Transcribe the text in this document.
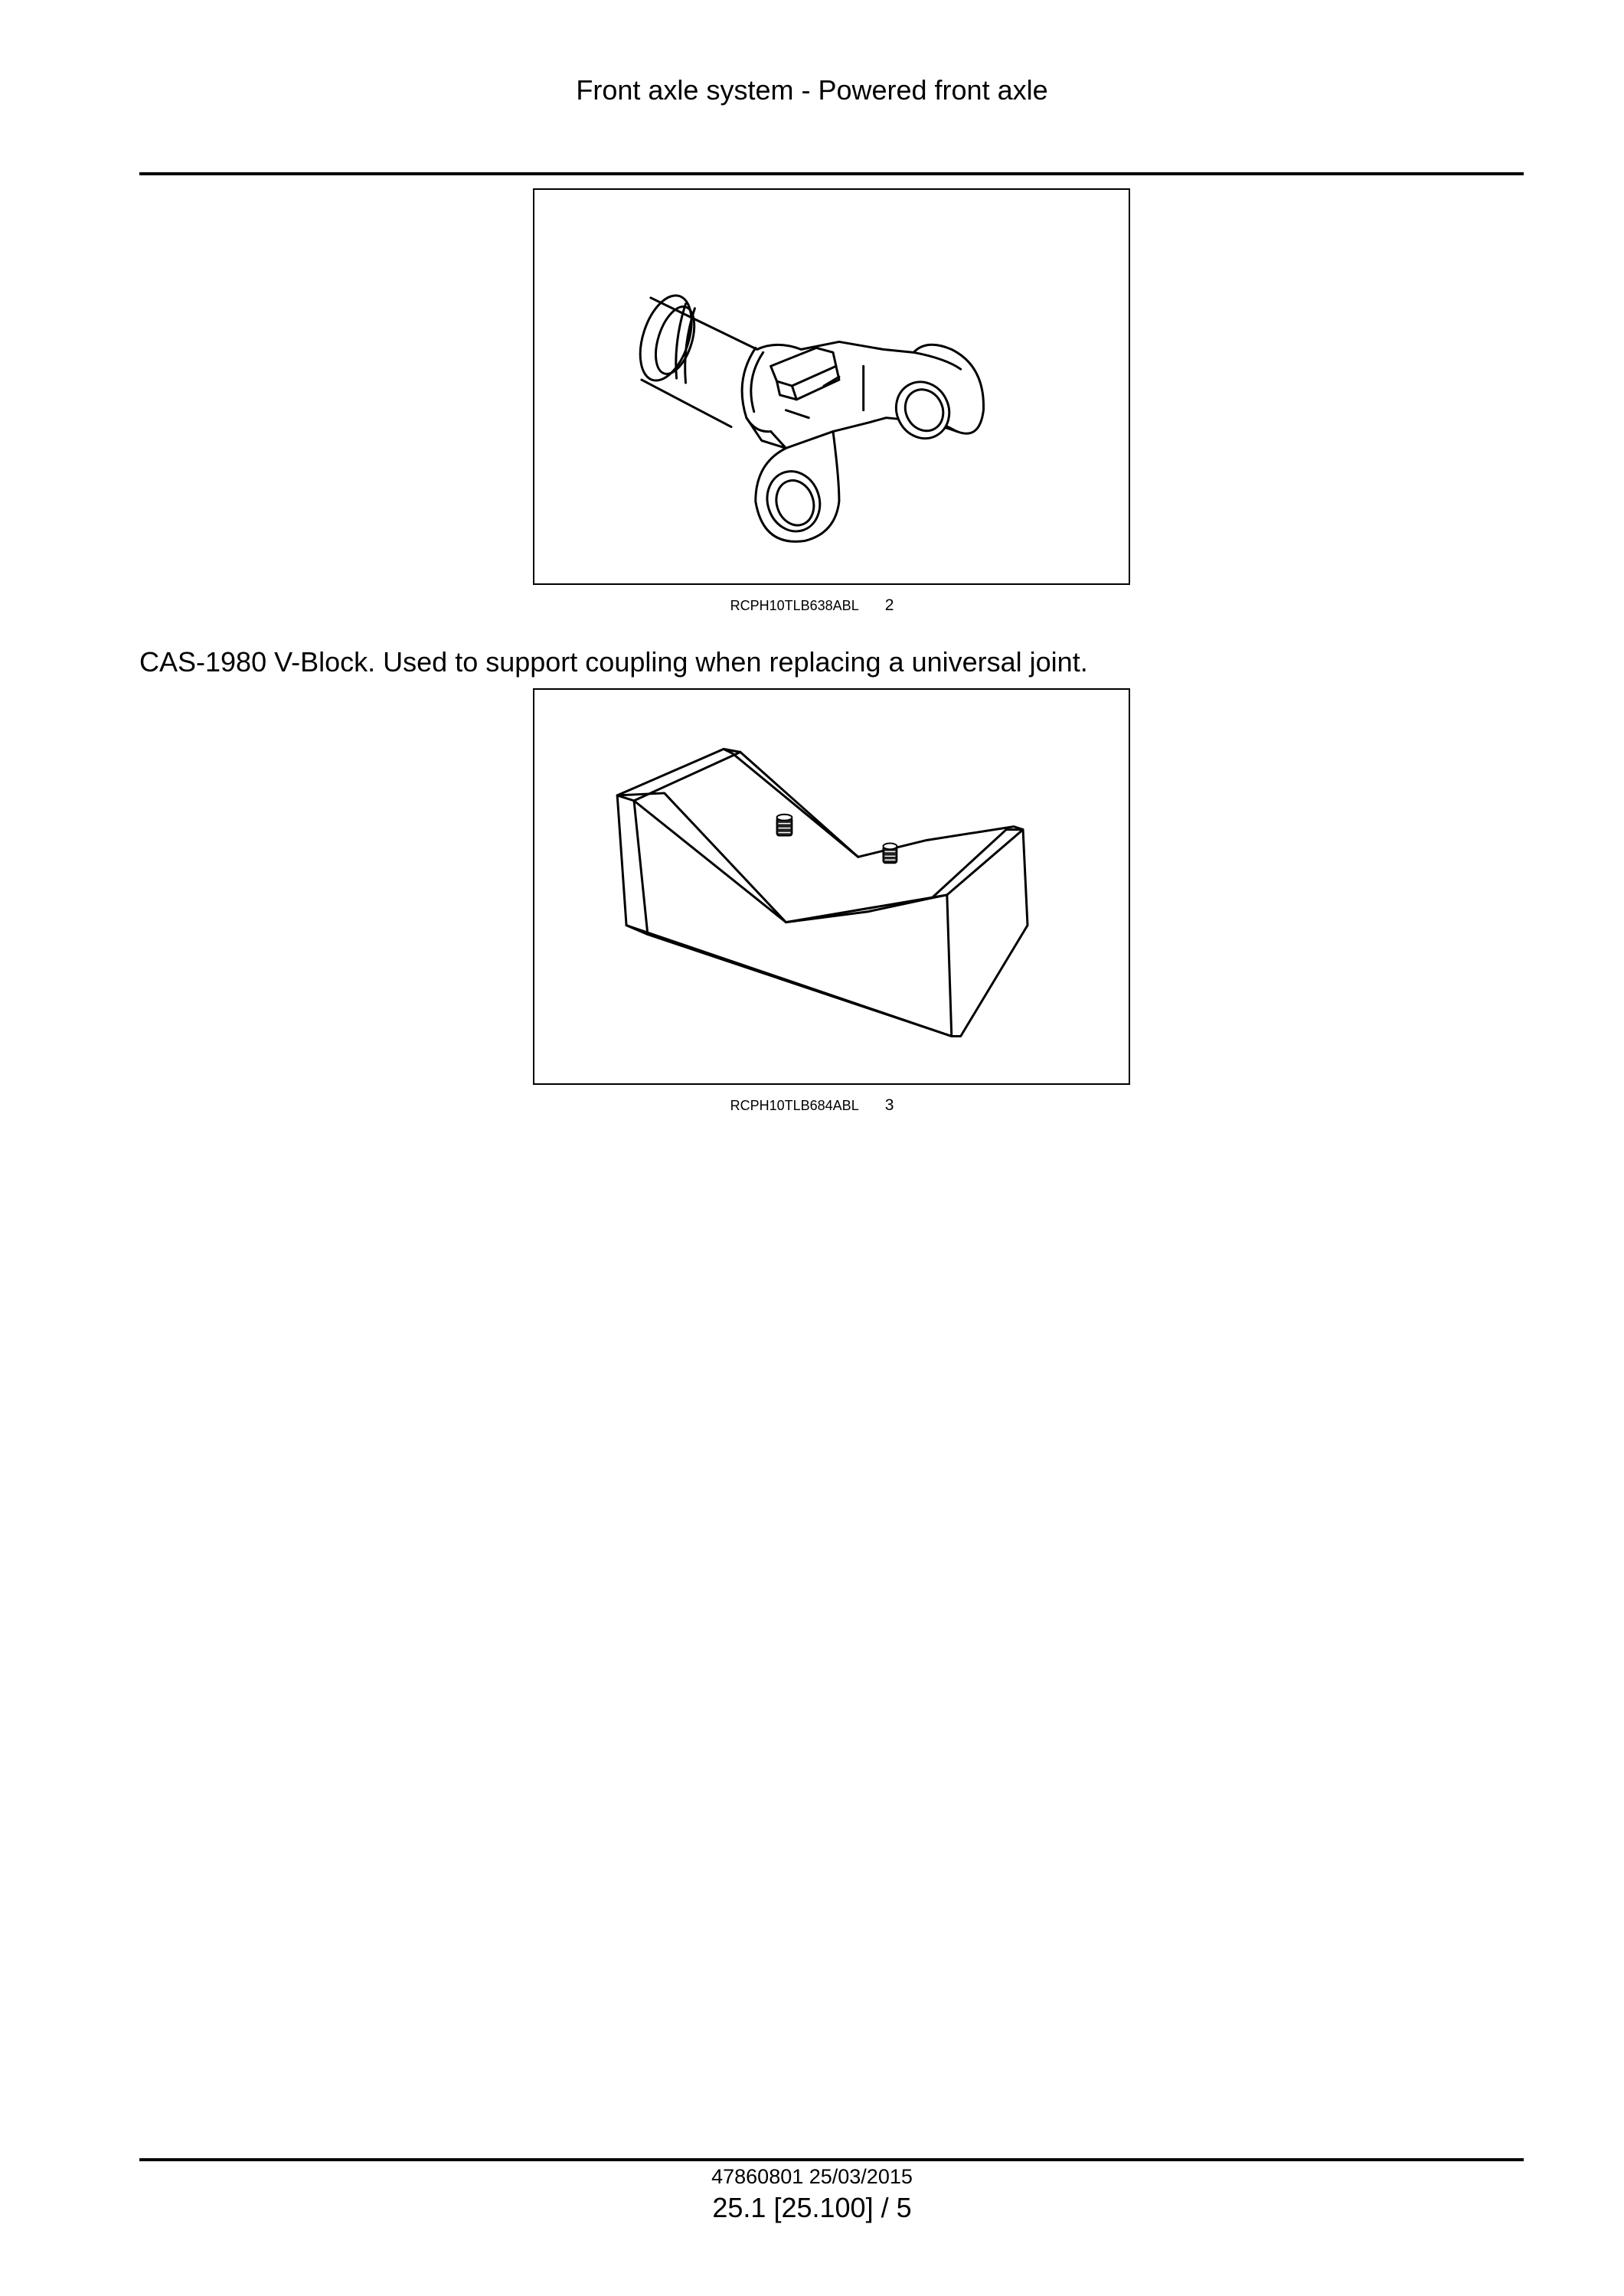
Front axle system - Powered front axle
RCPH10TLB638ABL 2
CAS-1980 V-Block. Used to support coupling when replacing a universal joint.
RCPH10TLB684ABL 3
47860801 25/03/2015
25.1 [25.100] / 5
